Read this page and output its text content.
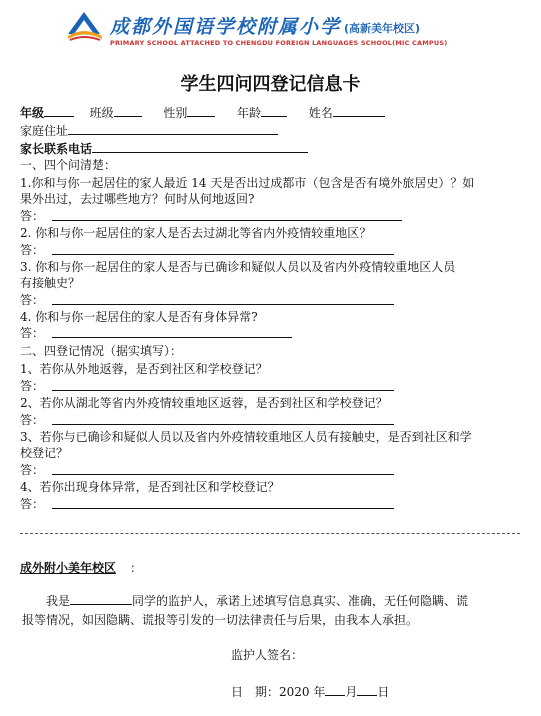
成都外国语学校附属小学 (高新美年校区)
PRIMARY SCHOOL ATTACHED TO CHENGDU FOREIGN LANGUAGES SCHOOL(MIC CAMPUS)
学生四问四登记信息卡
年级	班级	性别	年龄	姓名
家庭住址
家长联系电话
一、四个问清楚：
1.你和与你一起居住的家人最近 14 天是否出过成都市（包含是否有境外旅居史）？如
果外出过，去过哪些地方？何时从何地返回?
答：
2. 你和与你一起居住的家人是否去过湖北等省内外疫情较重地区？
答：
3. 你和与你一起居住的家人是否与已确诊和疑似人员以及省内外疫情较重地区人员
有接触史？
答：
4. 你和与你一起居住的家人是否有身体异常?
答：
二、四登记情况（据实填写）：
1、若你从外地返蓉，是否到社区和学校登记？
答：
2、若你从湖北等省内外疫情较重地区返蓉，是否到社区和学校登记？
答：
3、若你与已确诊和疑似人员以及省内外疫情较重地区人员有接触史，是否到社区和学
校登记？
答：
4、若你出现身体异常，是否到社区和学校登记？
答：
成外附小美年校区 ：
我是	同学的监护人，承诺上述填写信息真实、准确，无任何隐瞒、谎
报等情况，如因隐瞒、谎报等引发的一切法律责任与后果，由我本人承担。
监护人签名：
日　期：2020 年 月 日
